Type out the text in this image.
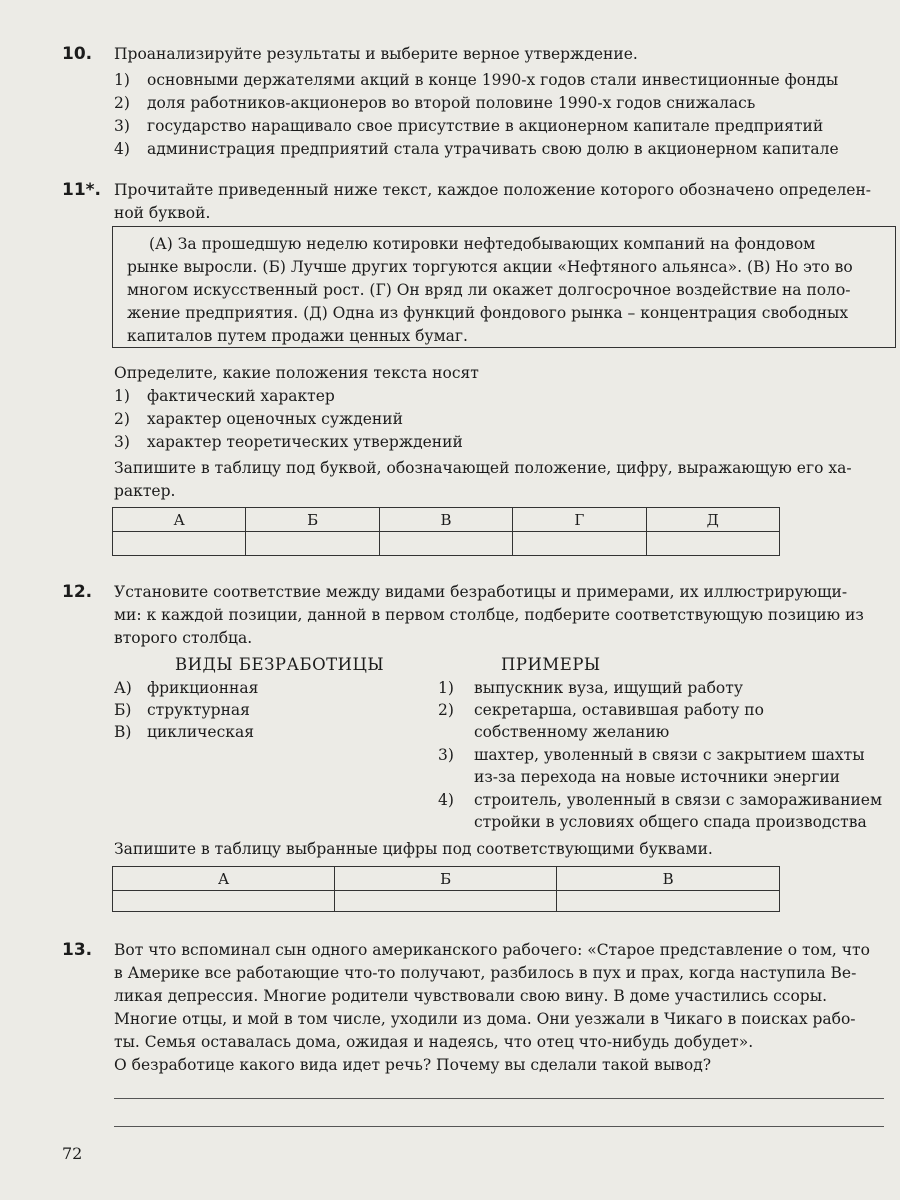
10. Проанализируйте результаты и выберите верное утверждение.
1) основными держателями акций в конце 1990-х годов стали инвестиционные фонды
2) доля работников-акционеров во второй половине 1990-х годов снижалась
3) государство наращивало свое присутствие в акционерном капитале предприятий
4) администрация предприятий стала утрачивать свою долю в акционерном капитале
11*. Прочитайте приведенный ниже текст, каждое положение которого обозначено определен-
ной буквой.
(А) За прошедшую неделю котировки нефтедобывающих компаний на фондовом
рынке выросли. (Б) Лучше других торгуются акции «Нефтяного альянса». (В) Но это во
многом искусственный рост. (Г) Он вряд ли окажет долгосрочное воздействие на поло-
жение предприятия. (Д) Одна из функций фондового рынка – концентрация свободных
капиталов путем продажи ценных бумаг.
Определите, какие положения текста носят
1) фактический характер
2) характер оценочных суждений
3) характер теоретических утверждений
Запишите в таблицу под буквой, обозначающей положение, цифру, выражающую его ха-
рактер.
А	Б	В	Г	Д

12. Установите соответствие между видами безработицы и примерами, их иллюстрирующи-
ми: к каждой позиции, данной в первом столбце, подберите соответствующую позицию из
второго столбца.
ВИДЫ БЕЗРАБОТИЦЫ	ПРИМЕРЫ
А) фрикционная
Б) структурная
В) циклическая
1) выпускник вуза, ищущий работу
2) секретарша, оставившая работу по
собственному желанию
3) шахтер, уволенный в связи с закрытием шахты
из-за перехода на новые источники энергии
4) строитель, уволенный в связи с замораживанием
стройки в условиях общего спада производства
Запишите в таблицу выбранные цифры под соответствующими буквами.
А	Б	В

13. Вот что вспоминал сын одного американского рабочего: «Старое представление о том, что
в Америке все работающие что-то получают, разбилось в пух и прах, когда наступила Ве-
ликая депрессия. Многие родители чувствовали свою вину. В доме участились ссоры.
Многие отцы, и мой в том числе, уходили из дома. Они уезжали в Чикаго в поисках рабо-
ты. Семья оставалась дома, ожидая и надеясь, что отец что-нибудь добудет».
О безработице какого вида идет речь? Почему вы сделали такой вывод?
72
